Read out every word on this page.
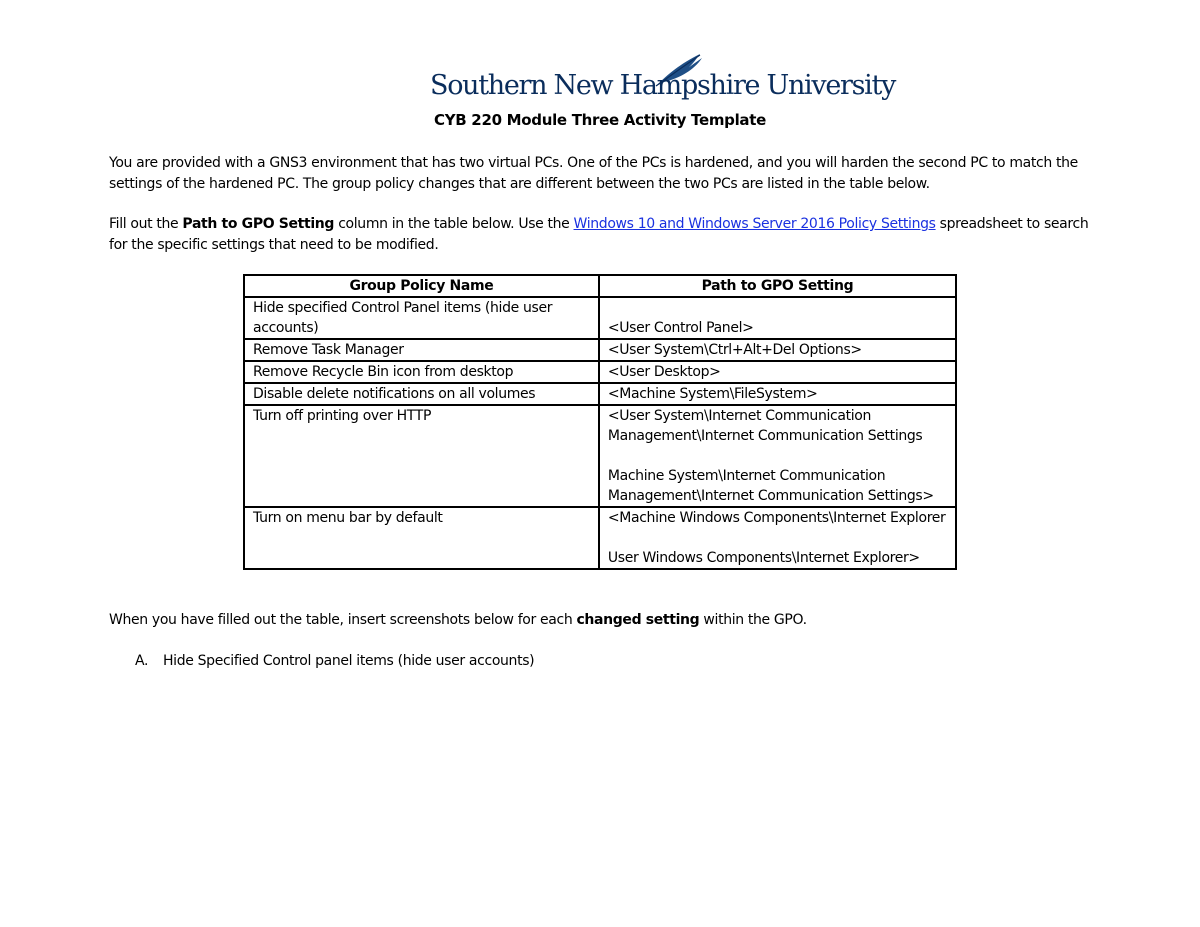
Southern New Hampshire University
CYB 220 Module Three Activity Template
You are provided with a GNS3 environment that has two virtual PCs. One of the PCs is hardened, and you will harden the second PC to match the settings of the hardened PC. The group policy changes that are different between the two PCs are listed in the table below.
Fill out the Path to GPO Setting column in the table below. Use the Windows 10 and Windows Server 2016 Policy Settings spreadsheet to search for the specific settings that need to be modified.
Group Policy Name	Path to GPO Setting
Hide specified Control Panel items (hide user accounts)	<User Control Panel>
Remove Task Manager	<User System\Ctrl+Alt+Del Options>
Remove Recycle Bin icon from desktop	<User Desktop>
Disable delete notifications on all volumes	<Machine System\FileSystem>
Turn off printing over HTTP	<User System\Internet Communication Management\Internet Communication Settings

Machine System\Internet Communication Management\Internet Communication Settings>
Turn on menu bar by default	<Machine Windows Components\Internet Explorer

User Windows Components\Internet Explorer>
When you have filled out the table, insert screenshots below for each changed setting within the GPO.
A. Hide Specified Control panel items (hide user accounts)
